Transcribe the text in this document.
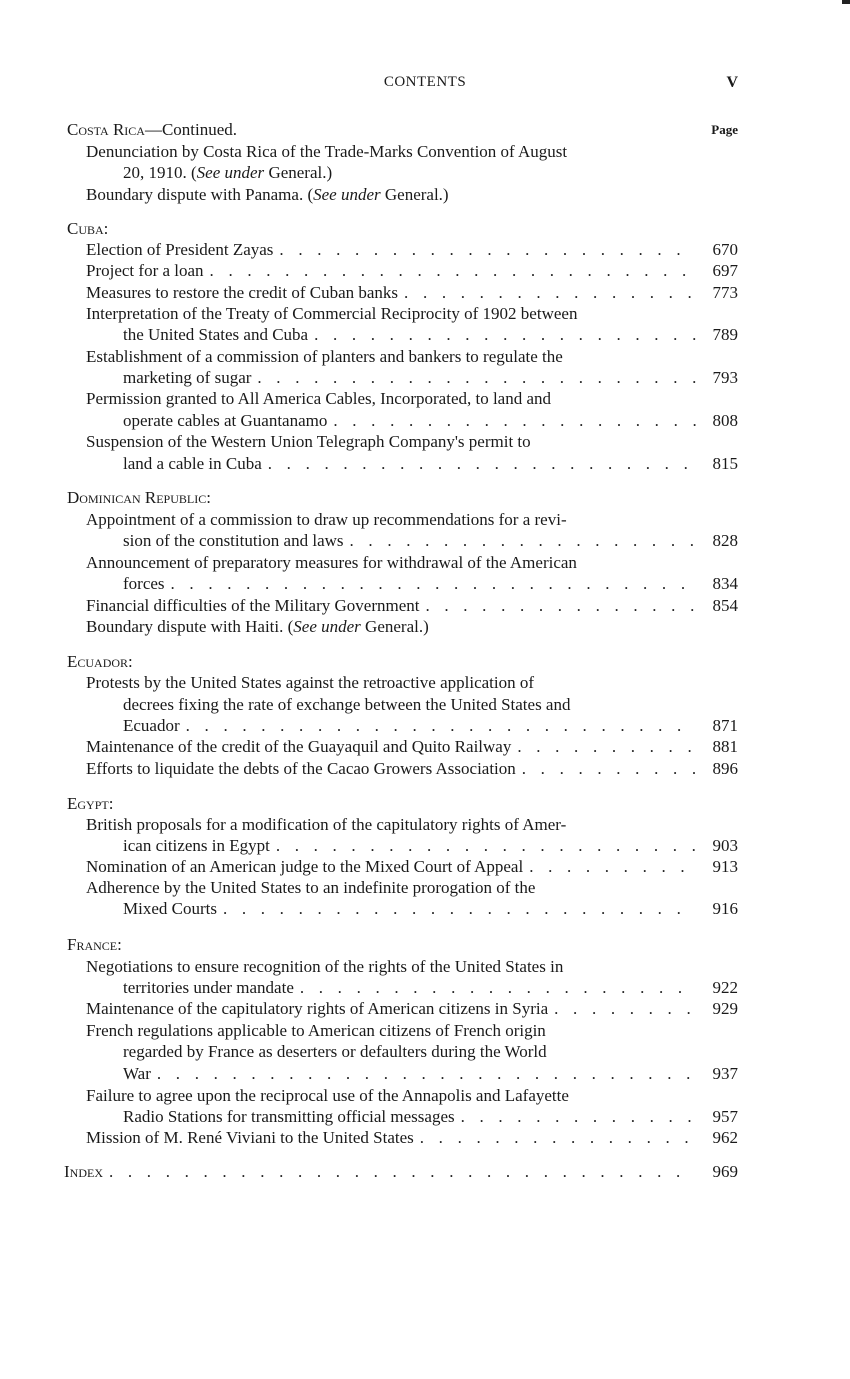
CONTENTS	V
Costa Rica—Continued.	Page
Denunciation by Costa Rica of the Trade-Marks Convention of August
20, 1910. (See under General.)
Boundary dispute with Panama. (See under General.)
Cuba:
Election of President Zayas . . .	670
Project for a loan . . .	697
Measures to restore the credit of Cuban banks . . .	773
Interpretation of the Treaty of Commercial Reciprocity of 1902 between
the United States and Cuba . . .	789
Establishment of a commission of planters and bankers to regulate the
marketing of sugar . . .	793
Permission granted to All America Cables, Incorporated, to land and
operate cables at Guantanamo . . .	808
Suspension of the Western Union Telegraph Company's permit to
land a cable in Cuba . . .	815
Dominican Republic:
Appointment of a commission to draw up recommendations for a revi-
sion of the constitution and laws . . .	828
Announcement of preparatory measures for withdrawal of the American
forces . . .	834
Financial difficulties of the Military Government . . .	854
Boundary dispute with Haiti. (See under General.)
Ecuador:
Protests by the United States against the retroactive application of
decrees fixing the rate of exchange between the United States and
Ecuador . . .	871
Maintenance of the credit of the Guayaquil and Quito Railway . . .	881
Efforts to liquidate the debts of the Cacao Growers Association . . .	896
Egypt:
British proposals for a modification of the capitulatory rights of Amer-
ican citizens in Egypt . . .	903
Nomination of an American judge to the Mixed Court of Appeal . . .	913
Adherence by the United States to an indefinite prorogation of the
Mixed Courts . . .	916
France:
Negotiations to ensure recognition of the rights of the United States in
territories under mandate . . .	922
Maintenance of the capitulatory rights of American citizens in Syria . . .	929
French regulations applicable to American citizens of French origin
regarded by France as deserters or defaulters during the World
War . . .	937
Failure to agree upon the reciprocal use of the Annapolis and Lafayette
Radio Stations for transmitting official messages . . .	957
Mission of M. René Viviani to the United States . . .	962
Index . . .	969
